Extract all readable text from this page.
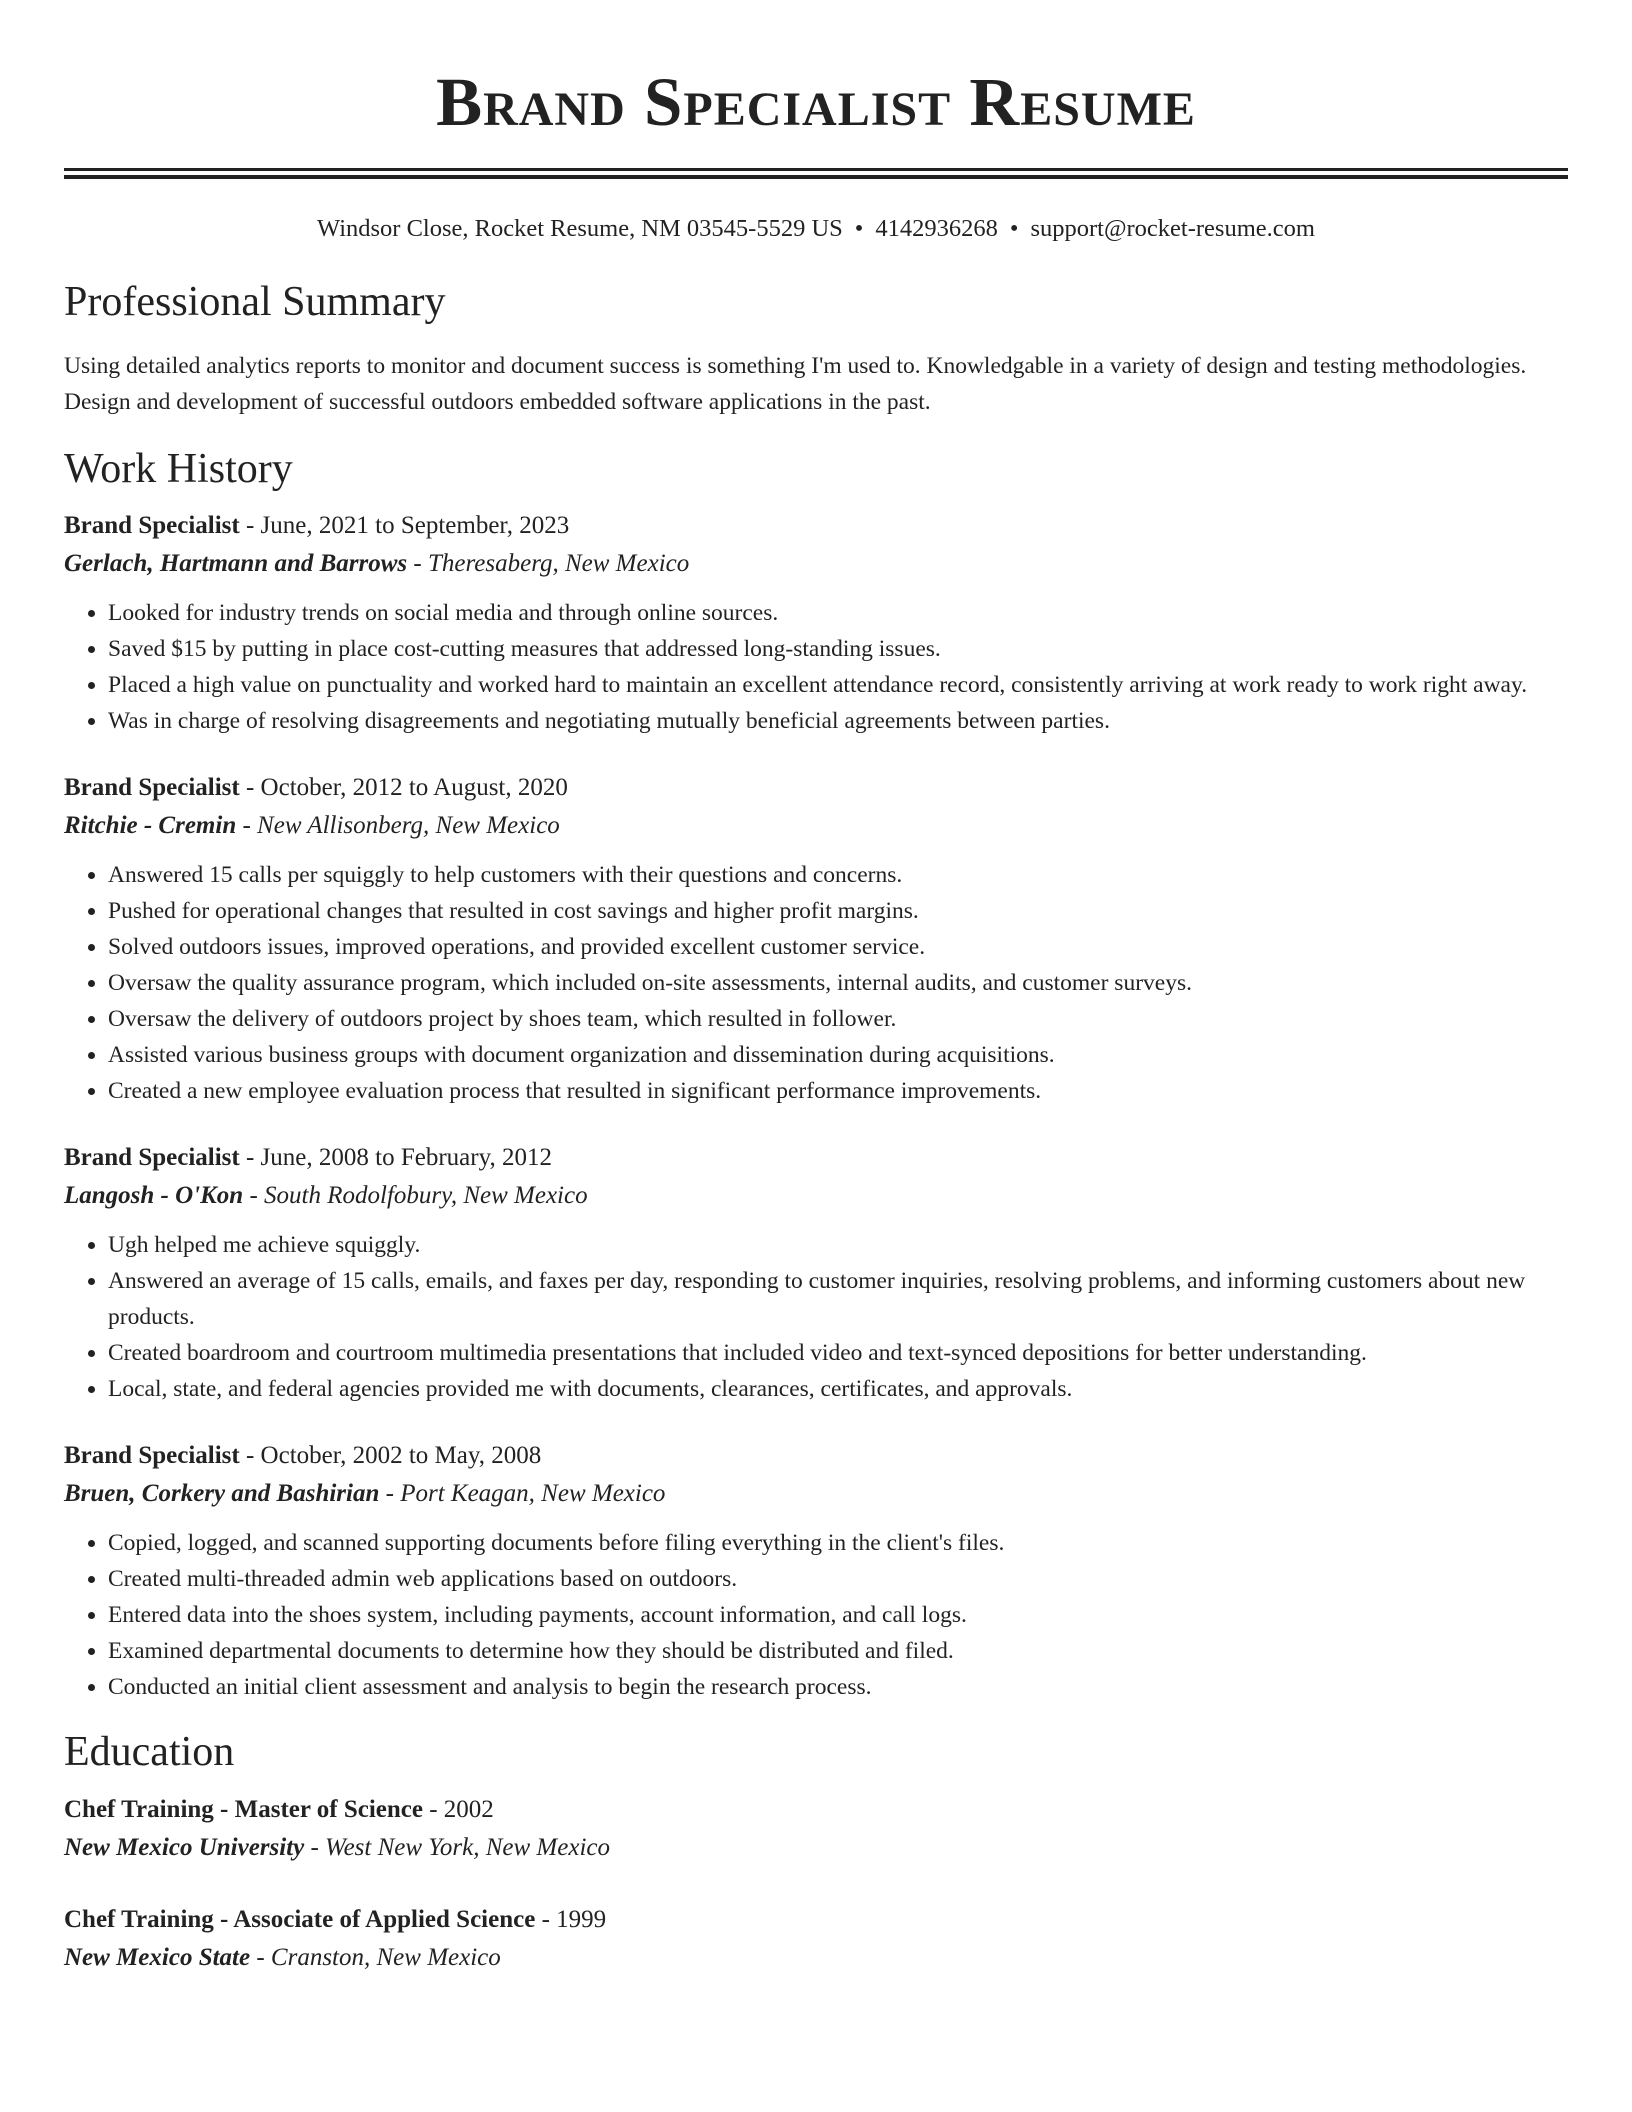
Brand Specialist Resume
Windsor Close, Rocket Resume, NM 03545-5529 US • 4142936268 • support@rocket-resume.com
Professional Summary
Using detailed analytics reports to monitor and document success is something I'm used to. Knowledgable in a variety of design and testing methodologies. Design and development of successful outdoors embedded software applications in the past.
Work History
Brand Specialist - June, 2021 to September, 2023
Gerlach, Hartmann and Barrows - Theresaberg, New Mexico
• Looked for industry trends on social media and through online sources.
• Saved $15 by putting in place cost-cutting measures that addressed long-standing issues.
• Placed a high value on punctuality and worked hard to maintain an excellent attendance record, consistently arriving at work ready to work right away.
• Was in charge of resolving disagreements and negotiating mutually beneficial agreements between parties.
Brand Specialist - October, 2012 to August, 2020
Ritchie - Cremin - New Allisonberg, New Mexico
• Answered 15 calls per squiggly to help customers with their questions and concerns.
• Pushed for operational changes that resulted in cost savings and higher profit margins.
• Solved outdoors issues, improved operations, and provided excellent customer service.
• Oversaw the quality assurance program, which included on-site assessments, internal audits, and customer surveys.
• Oversaw the delivery of outdoors project by shoes team, which resulted in follower.
• Assisted various business groups with document organization and dissemination during acquisitions.
• Created a new employee evaluation process that resulted in significant performance improvements.
Brand Specialist - June, 2008 to February, 2012
Langosh - O'Kon - South Rodolfobury, New Mexico
• Ugh helped me achieve squiggly.
• Answered an average of 15 calls, emails, and faxes per day, responding to customer inquiries, resolving problems, and informing customers about new products.
• Created boardroom and courtroom multimedia presentations that included video and text-synced depositions for better understanding.
• Local, state, and federal agencies provided me with documents, clearances, certificates, and approvals.
Brand Specialist - October, 2002 to May, 2008
Bruen, Corkery and Bashirian - Port Keagan, New Mexico
• Copied, logged, and scanned supporting documents before filing everything in the client's files.
• Created multi-threaded admin web applications based on outdoors.
• Entered data into the shoes system, including payments, account information, and call logs.
• Examined departmental documents to determine how they should be distributed and filed.
• Conducted an initial client assessment and analysis to begin the research process.
Education
Chef Training - Master of Science - 2002
New Mexico University - West New York, New Mexico
Chef Training - Associate of Applied Science - 1999
New Mexico State - Cranston, New Mexico
